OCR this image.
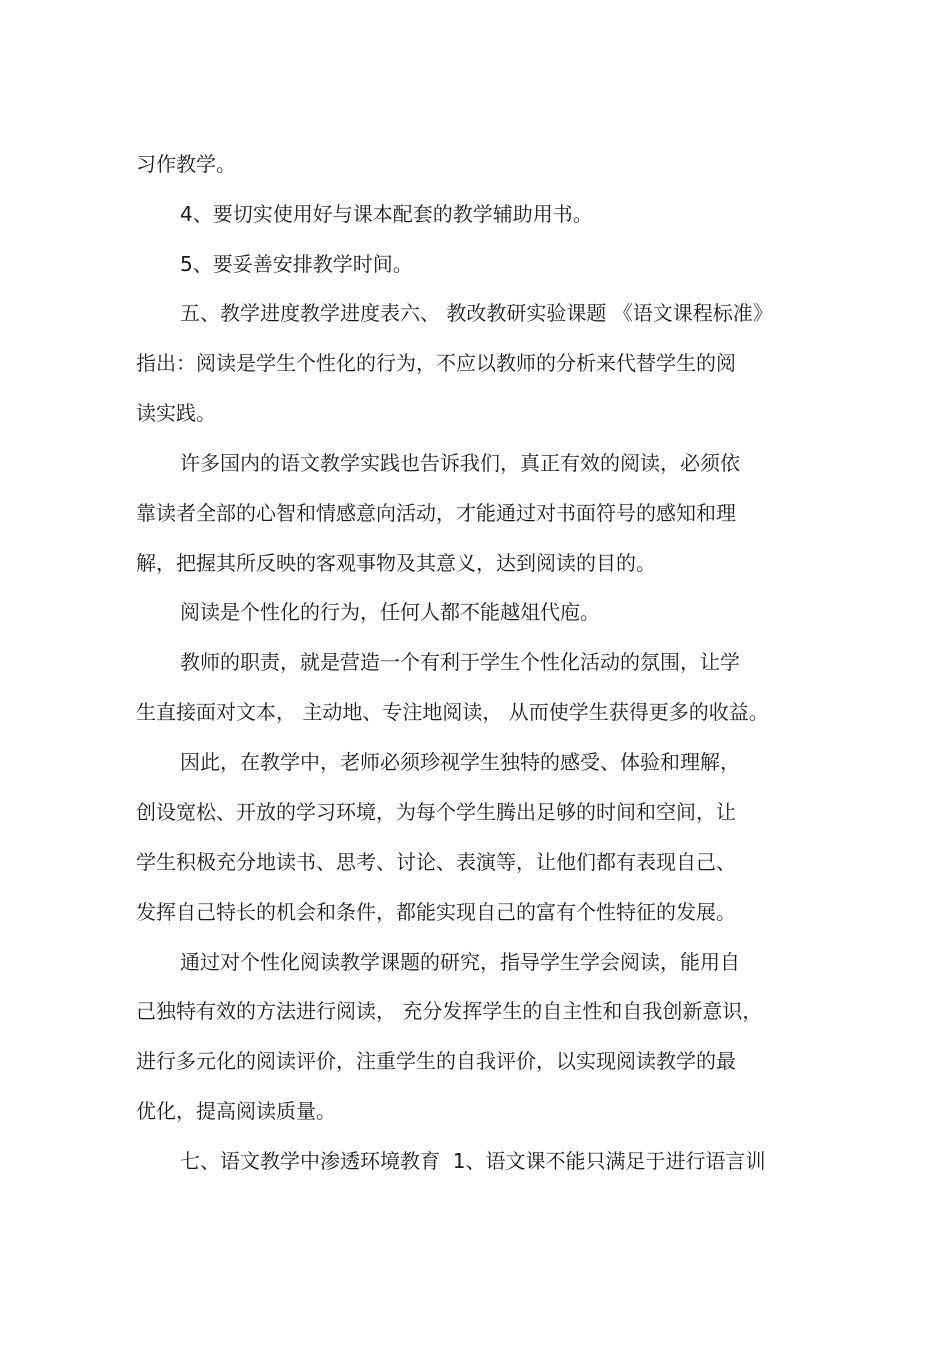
习作教学。
4、要切实使用好与课本配套的教学辅助用书。
5、要妥善安排教学时间。
五、教学进度教学进度表六、 教改教研实验课题 《语文课程标准》
指出：阅读是学生个性化的行为，不应以教师的分析来代替学生的阅
读实践。
许多国内的语文教学实践也告诉我们，真正有效的阅读，必须依
靠读者全部的心智和情感意向活动，才能通过对书面符号的感知和理
解，把握其所反映的客观事物及其意义，达到阅读的目的。
阅读是个性化的行为，任何人都不能越俎代庖。
教师的职责，就是营造一个有利于学生个性化活动的氛围，让学
生直接面对文本， 主动地、专注地阅读， 从而使学生获得更多的收益。
因此，在教学中，老师必须珍视学生独特的感受、体验和理解，
创设宽松、开放的学习环境，为每个学生腾出足够的时间和空间，让
学生积极充分地读书、思考、讨论、表演等，让他们都有表现自己、
发挥自己特长的机会和条件，都能实现自己的富有个性特征的发展。
通过对个性化阅读教学课题的研究，指导学生学会阅读，能用自
己独特有效的方法进行阅读， 充分发挥学生的自主性和自我创新意识，
进行多元化的阅读评价，注重学生的自我评价，以实现阅读教学的最
优化，提高阅读质量。
七、语文教学中渗透环境教育  1、语文课不能只满足于进行语言训
